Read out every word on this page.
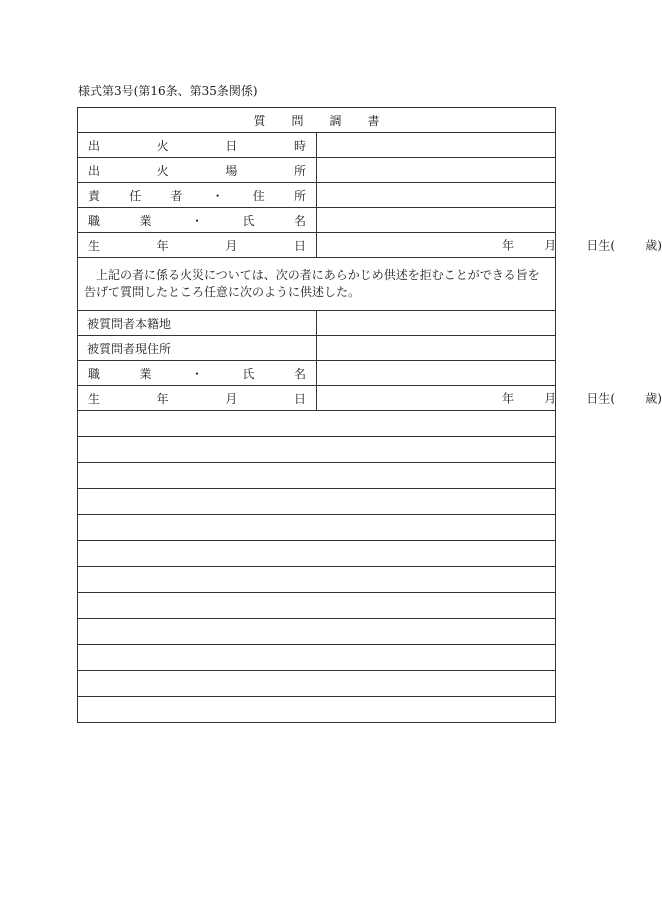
様式第3号(第16条、第35条関係)
質問調書	
出火日時	
出火場所	
責任者・住所	
職業・氏名	
生年月日	年 月 日生( 歳)

上記の者に係る火災については、次の者にあらかじめ供述を拒むことができる旨を告げて質問したところ任意に次のように供述した。	
被質問者本籍地	
被質問者現住所	
職業・氏名	
生年月日	年 月 日生( 歳)
